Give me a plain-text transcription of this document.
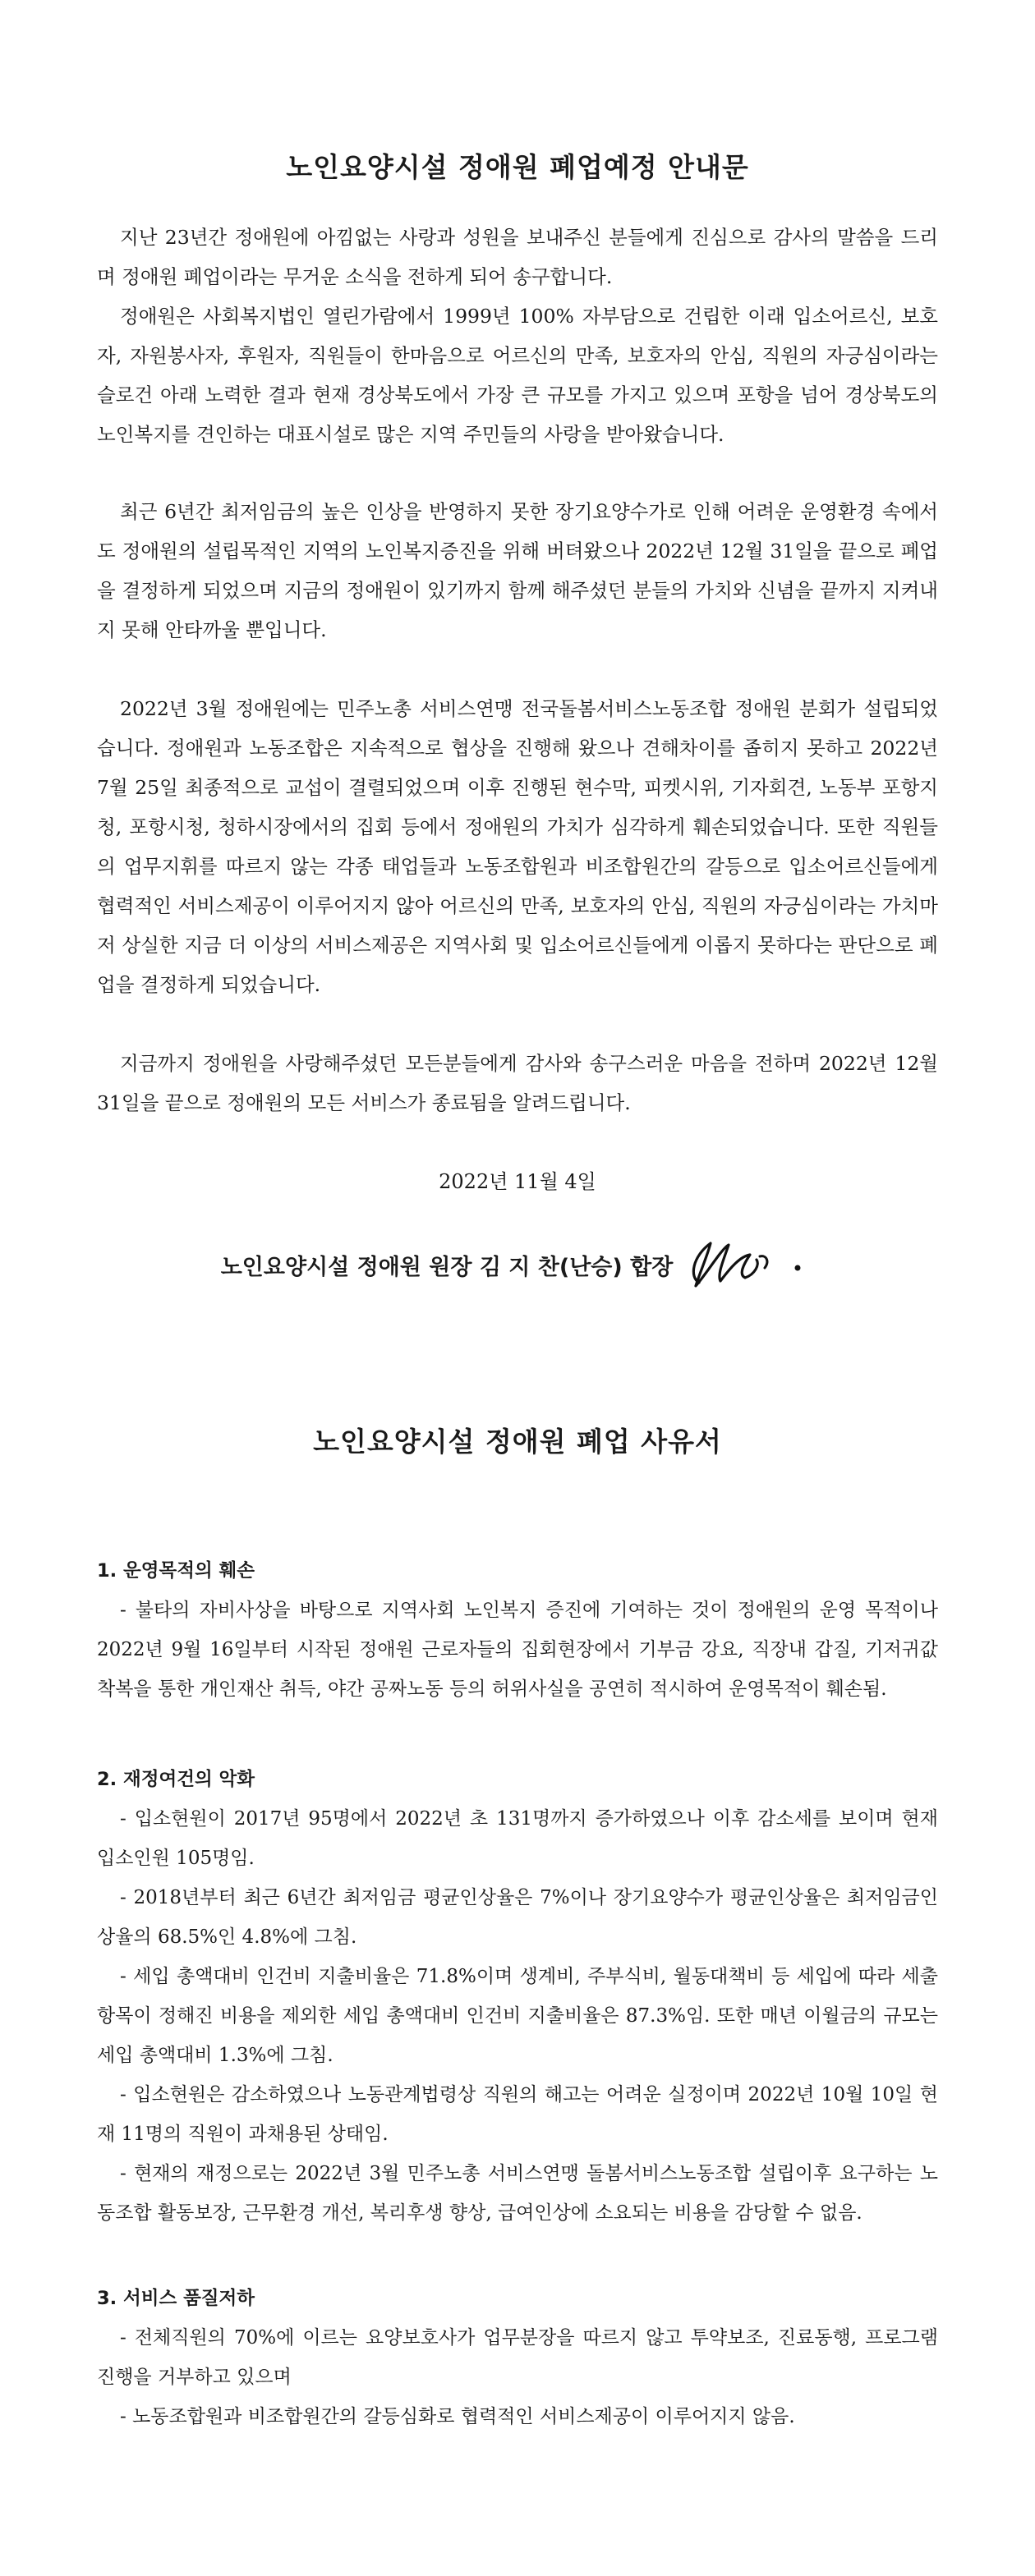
노인요양시설 정애원 폐업예정 안내문

지난 23년간 정애원에 아낌없는 사랑과 성원을 보내주신 분들에게 진심으로 감사의 말씀을 드리며 정애원 폐업이라는 무거운 소식을 전하게 되어 송구합니다.

정애원은 사회복지법인 열린가람에서 1999년 100% 자부담으로 건립한 이래 입소어르신, 보호자, 자원봉사자, 후원자, 직원들이 한마음으로 어르신의 만족, 보호자의 안심, 직원의 자긍심이라는 슬로건 아래 노력한 결과 현재 경상북도에서 가장 큰 규모를 가지고 있으며 포항을 넘어 경상북도의 노인복지를 견인하는 대표시설로 많은 지역 주민들의 사랑을 받아왔습니다.

최근 6년간 최저임금의 높은 인상을 반영하지 못한 장기요양수가로 인해 어려운 운영환경 속에서도 정애원의 설립목적인 지역의 노인복지증진을 위해 버텨왔으나 2022년 12월 31일을 끝으로 폐업을 결정하게 되었으며 지금의 정애원이 있기까지 함께 해주셨던 분들의 가치와 신념을 끝까지 지켜내지 못해 안타까울 뿐입니다.

2022년 3월 정애원에는 민주노총 서비스연맹 전국돌봄서비스노동조합 정애원 분회가 설립되었습니다. 정애원과 노동조합은 지속적으로 협상을 진행해 왔으나 견해차이를 좁히지 못하고 2022년 7월 25일 최종적으로 교섭이 결렬되었으며 이후 진행된 현수막, 피켓시위, 기자회견, 노동부 포항지청, 포항시청, 청하시장에서의 집회 등에서 정애원의 가치가 심각하게 훼손되었습니다. 또한 직원들의 업무지휘를 따르지 않는 각종 태업들과 노동조합원과 비조합원간의 갈등으로 입소어르신들에게 협력적인 서비스제공이 이루어지지 않아 어르신의 만족, 보호자의 안심, 직원의 자긍심이라는 가치마저 상실한 지금 더 이상의 서비스제공은 지역사회 및 입소어르신들에게 이롭지 못하다는 판단으로 폐업을 결정하게 되었습니다.

지금까지 정애원을 사랑해주셨던 모든분들에게 감사와 송구스러운 마음을 전하며 2022년 12월 31일을 끝으로 정애원의 모든 서비스가 종료됨을 알려드립니다.

2022년 11월 4일

노인요양시설 정애원 원장 김 지 찬(난승) 합장
노인요양시설 정애원 폐업 사유서
1. 운영목적의 훼손

- 불타의 자비사상을 바탕으로 지역사회 노인복지 증진에 기여하는 것이 정애원의 운영 목적이나 2022년 9월 16일부터 시작된 정애원 근로자들의 집회현장에서 기부금 강요, 직장내 갑질, 기저귀값 착복을 통한 개인재산 취득, 야간 공짜노동 등의 허위사실을 공연히 적시하여 운영목적이 훼손됨.

2. 재정여건의 악화

- 입소현원이 2017년 95명에서 2022년 초 131명까지 증가하였으나 이후 감소세를 보이며 현재 입소인원 105명임.

- 2018년부터 최근 6년간 최저임금 평균인상율은 7%이나 장기요양수가 평균인상율은 최저임금인상율의 68.5%인 4.8%에 그침.

- 세입 총액대비 인건비 지출비율은 71.8%이며 생계비, 주부식비, 월동대책비 등 세입에 따라 세출항목이 정해진 비용을 제외한 세입 총액대비 인건비 지출비율은 87.3%임. 또한 매년 이월금의 규모는 세입 총액대비 1.3%에 그침.

- 입소현원은 감소하였으나 노동관계법령상 직원의 해고는 어려운 실정이며 2022년 10월 10일 현재 11명의 직원이 과채용된 상태임.

- 현재의 재정으로는 2022년 3월 민주노총 서비스연맹 돌봄서비스노동조합 설립이후 요구하는 노동조합 활동보장, 근무환경 개선, 복리후생 향상, 급여인상에 소요되는 비용을 감당할 수 없음.

3. 서비스 품질저하

- 전체직원의 70%에 이르는 요양보호사가 업무분장을 따르지 않고 투약보조, 진료동행, 프로그램 진행을 거부하고 있으며

- 노동조합원과 비조합원간의 갈등심화로 협력적인 서비스제공이 이루어지지 않음.
